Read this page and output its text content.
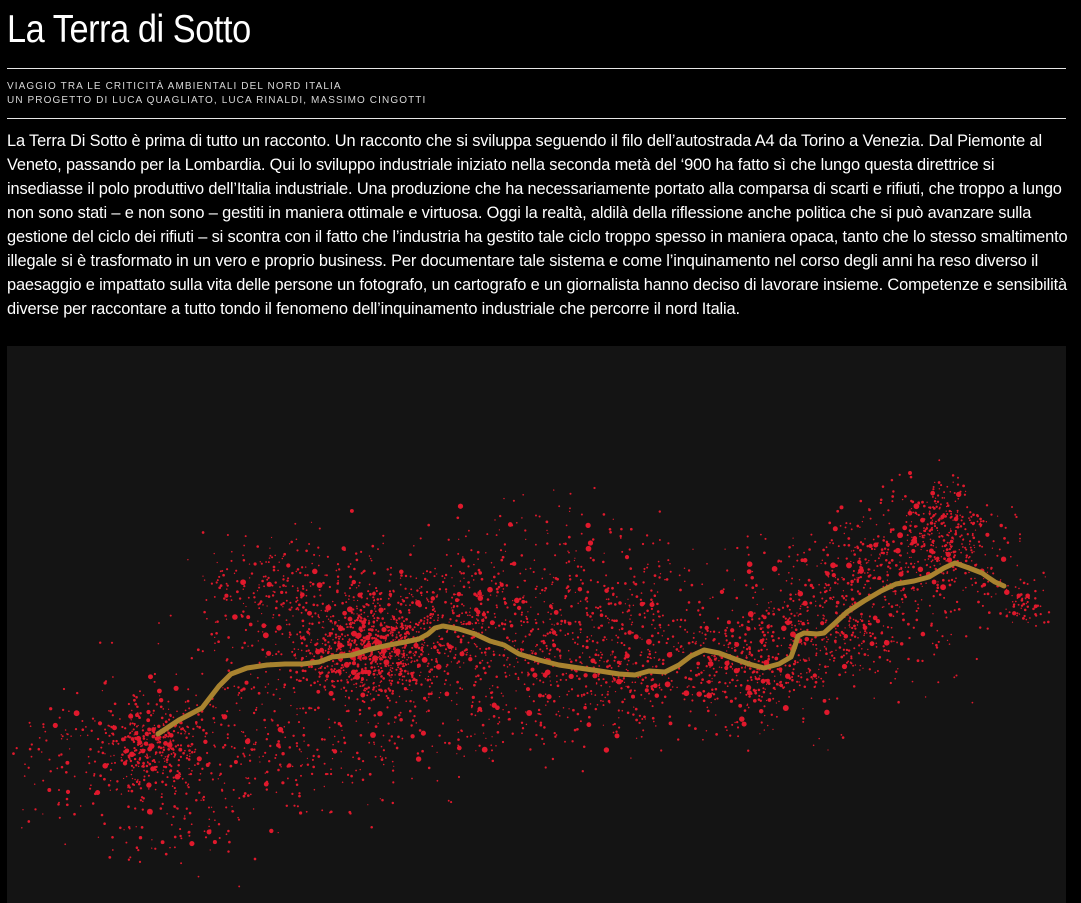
La Terra di Sotto
VIAGGIO TRA LE CRITICITÀ AMBIENTALI DEL NORD ITALIA
UN PROGETTO DI LUCA QUAGLIATO, LUCA RINALDI, MASSIMO CINGOTTI

La Terra Di Sotto è prima di tutto un racconto. Un racconto che si sviluppa seguendo il filo dell’autostrada A4 da Torino a Venezia. Dal Piemonte al Veneto, passando per la Lombardia. Qui lo sviluppo industriale iniziato nella seconda metà del ‘900 ha fatto sì che lungo questa direttrice si insediasse il polo produttivo dell’Italia industriale. Una produzione che ha necessariamente portato alla comparsa di scarti e rifiuti, che troppo a lungo non sono stati – e non sono – gestiti in maniera ottimale e virtuosa. Oggi la realtà, aldilà della riflessione anche politica che si può avanzare sulla gestione del ciclo dei rifiuti – si scontra con il fatto che l’industria ha gestito tale ciclo troppo spesso in maniera opaca, tanto che lo stesso smaltimento illegale si è trasformato in un vero e proprio business. Per documentare tale sistema e come l’inquinamento nel corso degli anni ha reso diverso il paesaggio e impattato sulla vita delle persone un fotografo, un cartografo e un giornalista hanno deciso di lavorare insieme. Competenze e sensibilità diverse per raccontare a tutto tondo il fenomeno dell’inquinamento industriale che percorre il nord Italia.
